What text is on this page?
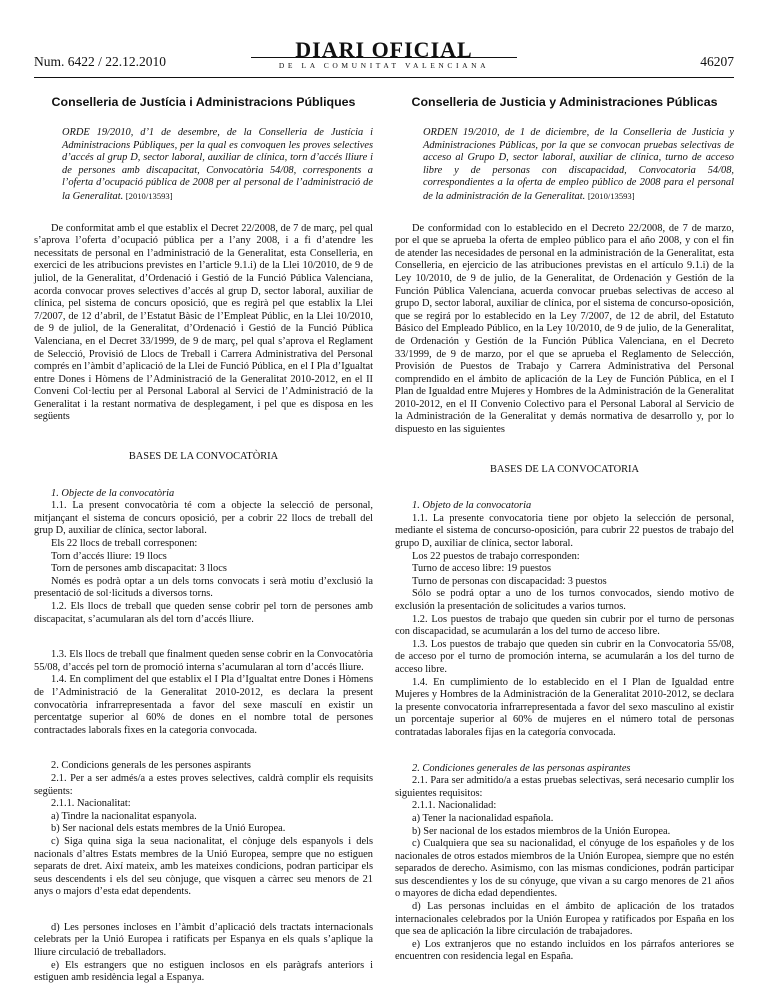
Num. 6422 / 22.12.2010	DIARI OFICIAL
DE LA COMUNITAT VALENCIANA	46207
Conselleria de Justícia i Administracions Públiques
ORDE 19/2010, d’1 de desembre, de la Conselleria de Justícia i Administracions Públiques, per la qual es convoquen les proves selectives d’accés al grup D, sector laboral, auxiliar de clínica, torn d’accés lliure i de persones amb discapacitat, Convocatòria 54/08, corresponents a l’oferta d’ocupació pública de 2008 per al personal de l’administració de la Generalitat. [2010/13593]
De conformitat amb el que establix el Decret 22/2008, de 7 de març, pel qual s’aprova l’oferta d’ocupació pública per a l’any 2008, i a fi d’atendre les necessitats de personal en l’administració de la Generalitat, esta Conselleria, en exercici de les atribucions previstes en l’article 9.1.i) de la Llei 10/2010, de 9 de juliol, de la Generalitat, d’Ordenació i Gestió de la Funció Pública Valenciana, acorda convocar proves selectives d’accés al grup D, sector laboral, auxiliar de clínica, pel sistema de concurs oposició, que es regirà pel que establix la Llei 7/2007, de 12 d’abril, de l’Estatut Bàsic de l’Empleat Públic, en la Llei 10/2010, de 9 de juliol, de la Generalitat, d’Ordenació i Gestió de la Funció Pública Valenciana, en el Decret 33/1999, de 9 de març, pel qual s’aprova el Reglament de Selecció, Provisió de Llocs de Treball i Carrera Administrativa del Personal comprés en l’àmbit d’aplicació de la Llei de Funció Pública, en el I Pla d’Igualtat entre Dones i Hòmens de l’Administració de la Generalitat 2010-2012, en el II Conveni Col·lectiu per al Personal Laboral al Servici de l’Administració de la Generalitat i la restant normativa de desplegament, i pel que es disposa en les següents
BASES DE LA CONVOCATÒRIA
1. Objecte de la convocatòria
1.1. La present convocatòria té com a objecte la selecció de personal, mitjançant el sistema de concurs oposició, per a cobrir 22 llocs de treball del grup D, auxiliar de clínica, sector laboral.
Els 22 llocs de treball corresponen:
Torn d’accés lliure: 19 llocs
Torn de persones amb discapacitat: 3 llocs
Només es podrà optar a un dels torns convocats i serà motiu d’exclusió la presentació de sol·licituds a diversos torns.
1.2. Els llocs de treball que queden sense cobrir pel torn de persones amb discapacitat, s’acumularan als del torn d’accés lliure.
1.3. Els llocs de treball que finalment queden sense cobrir en la Convocatòria 55/08, d’accés pel torn de promoció interna s’acumularan al torn d’accés lliure.
1.4. En compliment del que establix el I Pla d’Igualtat entre Dones i Hòmens de l’Administració de la Generalitat 2010-2012, es declara la present convocatòria infrarrepresentada a favor del sexe masculí en existir un percentatge superior al 60% de dones en el nombre total de persones contractades laborals fixes en la categoria convocada.
2. Condicions generals de les persones aspirants
2.1. Per a ser admés/a a estes proves selectives, caldrà complir els requisits següents:
2.1.1. Nacionalitat:
a) Tindre la nacionalitat espanyola.
b) Ser nacional dels estats membres de la Unió Europea.
c) Siga quina siga la seua nacionalitat, el cònjuge dels espanyols i dels nacionals d’altres Estats membres de la Unió Europea, sempre que no estiguen separats de dret. Així mateix, amb les mateixes condicions, podran participar els seus descendents i els del seu cònjuge, que visquen a càrrec seu menors de 21 anys o majors d’esta edat dependents.
d) Les persones incloses en l’àmbit d’aplicació dels tractats internacionals celebrats per la Unió Europea i ratificats per Espanya en els quals s’aplique la lliure circulació de treballadors.
e) Els estrangers que no estiguen inclosos en els paràgrafs anteriors i estiguen amb residència legal a Espanya.
Conselleria de Justicia y Administraciones Públicas
ORDEN 19/2010, de 1 de diciembre, de la Conselleria de Justicia y Administraciones Públicas, por la que se convocan pruebas selectivas de acceso al Grupo D, sector laboral, auxiliar de clínica, turno de acceso libre y de personas con discapacidad, Convocatoria 54/08, correspondientes a la oferta de empleo público de 2008 para el personal de la administración de la Generalitat. [2010/13593]
De conformidad con lo establecido en el Decreto 22/2008, de 7 de marzo, por el que se aprueba la oferta de empleo público para el año 2008, y con el fin de atender las necesidades de personal en la administración de la Generalitat, esta Conselleria, en ejercicio de las atribuciones previstas en el artículo 9.1.i) de la Ley 10/2010, de 9 de julio, de la Generalitat, de Ordenación y Gestión de la Función Pública Valenciana, acuerda convocar pruebas selectivas de acceso al grupo D, sector laboral, auxiliar de clínica, por el sistema de concurso-oposición, que se regirá por lo establecido en la Ley 7/2007, de 12 de abril, del Estatuto Básico del Empleado Público, en la Ley 10/2010, de 9 de julio, de la Generalitat, de Ordenación y Gestión de la Función Pública Valenciana, en el Decreto 33/1999, de 9 de marzo, por el que se aprueba el Reglamento de Selección, Provisión de Puestos de Trabajo y Carrera Administrativa del Personal comprendido en el ámbito de aplicación de la Ley de Función Pública, en el I Plan de Igualdad entre Mujeres y Hombres de la Administración de la Generalitat 2010-2012, en el II Convenio Colectivo para el Personal Laboral al Servicio de la Administración de la Generalitat y demás normativa de desarrollo y, por lo dispuesto en las siguientes
BASES DE LA CONVOCATORIA
1. Objeto de la convocatoria
1.1. La presente convocatoria tiene por objeto la selección de personal, mediante el sistema de concurso-oposición, para cubrir 22 puestos de trabajo del grupo D, auxiliar de clínica, sector laboral.
Los 22 puestos de trabajo corresponden:
Turno de acceso libre: 19 puestos
Turno de personas con discapacidad: 3 puestos
Sólo se podrá optar a uno de los turnos convocados, siendo motivo de exclusión la presentación de solicitudes a varios turnos.
1.2. Los puestos de trabajo que queden sin cubrir por el turno de personas con discapacidad, se acumularán a los del turno de acceso libre.
1.3. Los puestos de trabajo que queden sin cubrir en la Convocatoria 55/08, de acceso por el turno de promoción interna, se acumularán a los del turno de acceso libre.
1.4. En cumplimiento de lo establecido en el I Plan de Igualdad entre Mujeres y Hombres de la Administración de la Generalitat 2010-2012, se declara la presente convocatoria infrarrepresentada a favor del sexo masculino al existir un porcentaje superior al 60% de mujeres en el número total de personas contratadas laborales fijas en la categoría convocada.
2. Condiciones generales de las personas aspirantes
2.1. Para ser admitido/a a estas pruebas selectivas, será necesario cumplir los siguientes requisitos:
2.1.1. Nacionalidad:
a) Tener la nacionalidad española.
b) Ser nacional de los estados miembros de la Unión Europea.
c) Cualquiera que sea su nacionalidad, el cónyuge de los españoles y de los nacionales de otros estados miembros de la Unión Europea, siempre que no estén separados de derecho. Asimismo, con las mismas condiciones, podrán participar sus descendientes y los de su cónyuge, que vivan a su cargo menores de 21 años o mayores de dicha edad dependientes.
d) Las personas incluidas en el ámbito de aplicación de los tratados internacionales celebrados por la Unión Europea y ratificados por España en los que sea de aplicación la libre circulación de trabajadores.
e) Los extranjeros que no estando incluidos en los párrafos anteriores se encuentren con residencia legal en España.
